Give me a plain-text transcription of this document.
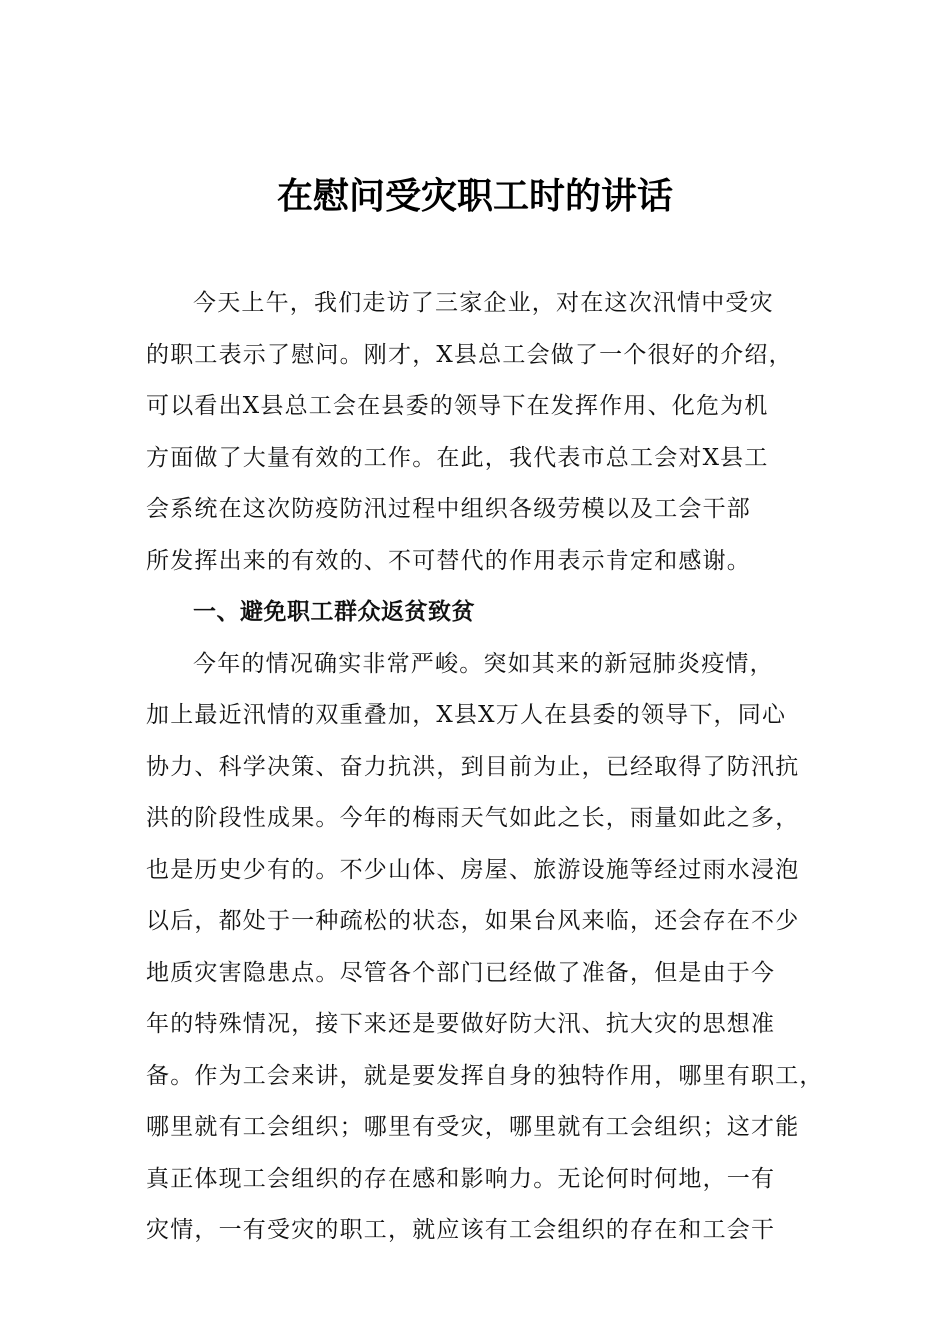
在慰问受灾职工时的讲话
今天上午，我们走访了三家企业，对在这次汛情中受灾
的职工表示了慰问。刚才，X县总工会做了一个很好的介绍，
可以看出X县总工会在县委的领导下在发挥作用、化危为机
方面做了大量有效的工作。在此，我代表市总工会对X县工
会系统在这次防疫防汛过程中组织各级劳模以及工会干部
所发挥出来的有效的、不可替代的作用表示肯定和感谢。
一、避免职工群众返贫致贫
今年的情况确实非常严峻。突如其来的新冠肺炎疫情，
加上最近汛情的双重叠加，X县X万人在县委的领导下，同心
协力、科学决策、奋力抗洪，到目前为止，已经取得了防汛抗
洪的阶段性成果。今年的梅雨天气如此之长，雨量如此之多，
也是历史少有的。不少山体、房屋、旅游设施等经过雨水浸泡
以后，都处于一种疏松的状态，如果台风来临，还会存在不少
地质灾害隐患点。尽管各个部门已经做了准备，但是由于今
年的特殊情况，接下来还是要做好防大汛、抗大灾的思想准
备。作为工会来讲，就是要发挥自身的独特作用，哪里有职工，
哪里就有工会组织；哪里有受灾，哪里就有工会组织；这才能
真正体现工会组织的存在感和影响力。无论何时何地，一有
灾情，一有受灾的职工，就应该有工会组织的存在和工会干
